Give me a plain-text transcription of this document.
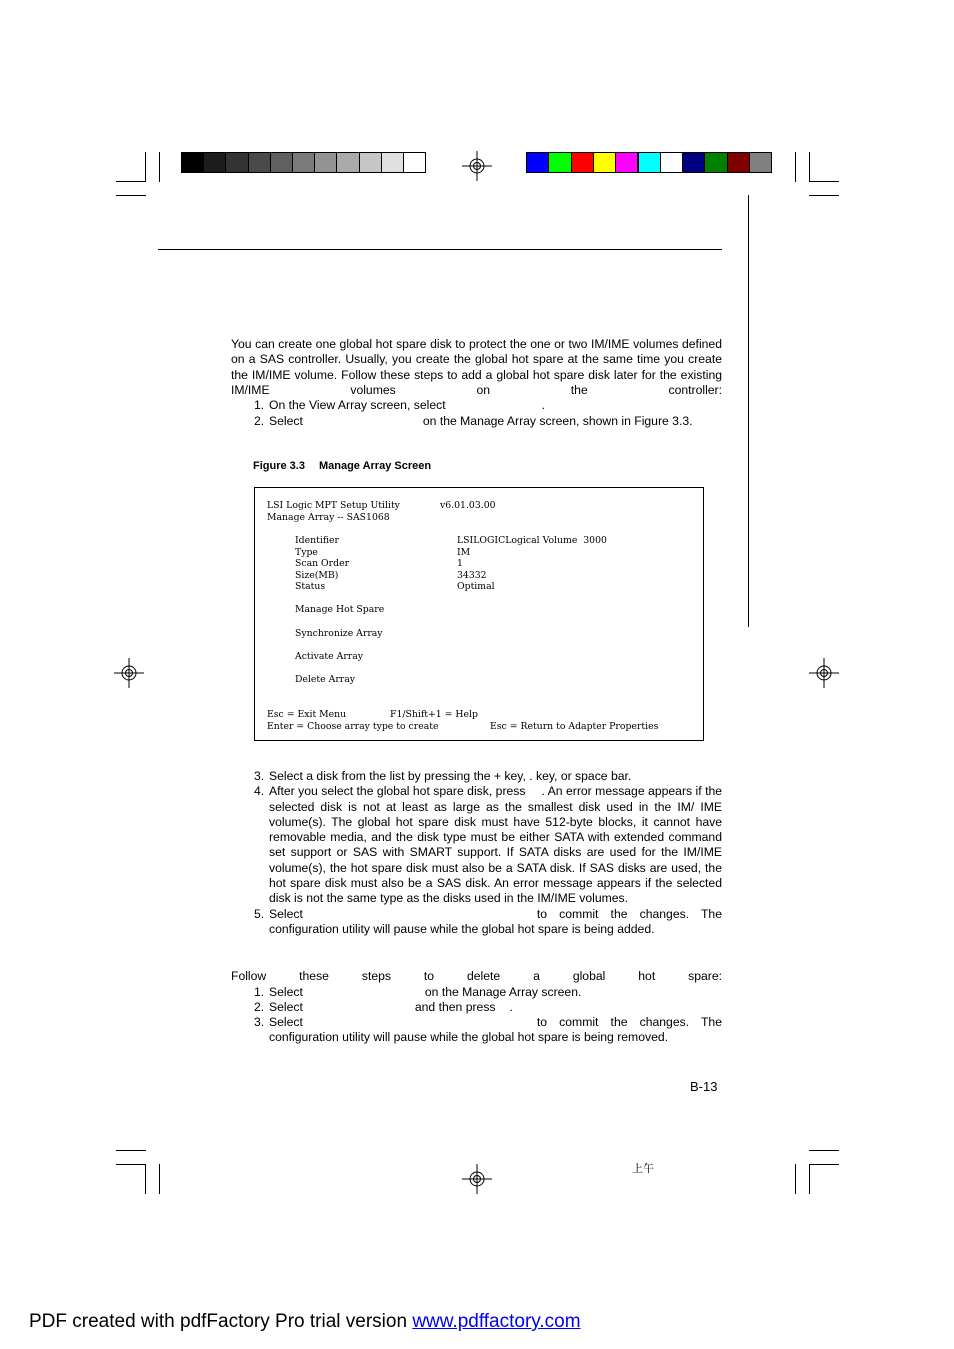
You can create one global hot spare disk to protect the one or two IM/IME volumes defined on a SAS controller. Usually, you create the global hot spare at the same time you create the IM/IME volume. Follow these steps to add a global hot spare disk later for the existing IM/IME volumes on the controller:

1. On the View Array screen, select	.

2. Select	on the Manage Array screen, shown in Figure 3.3.

Figure 3.3 Manage Array Screen
LSI Logic MPT Setup Utility	v6.01.03.00
Manage Array -- SAS1068
Identifier	LSILOGICLogical Volume  3000
Type	IM
Scan Order	1
Size(MB)	34332
Status	Optimal
Manage Hot Spare
Synchronize Array
Activate Array
Delete Array
Esc = Exit Menu	F1/Shift+1 = Help
Enter = Choose array type to create	Esc = Return to Adapter Properties

3. Select a disk from the list by pressing the + key, . key, or space bar.

4. After you select the global hot spare disk, press . An error message appears if the selected disk is not at least as large as the smallest disk used in the IM/ IME volume(s). The global hot spare disk must have 512-byte blocks, it cannot have removable media, and the disk type must be either SATA with extended command set support or SAS with SMART support. If SATA disks are used for the IM/IME volume(s), the hot spare disk must also be a SATA disk. If SAS disks are used, the hot spare disk must also be a SAS disk. An error message appears if the selected disk is not the same type as the disks used in the IM/IME volumes.

5. Select	to commit the changes. The configuration utility will pause while the global hot spare is being added.

Follow these steps to delete a global hot spare:

1. Select	on the Manage Array screen.

2. Select	and then press .

3. Select	to commit the changes. The configuration utility will pause while the global hot spare is being removed.

B-13
上午
PDF created with pdfFactory Pro trial version www.pdffactory.com
